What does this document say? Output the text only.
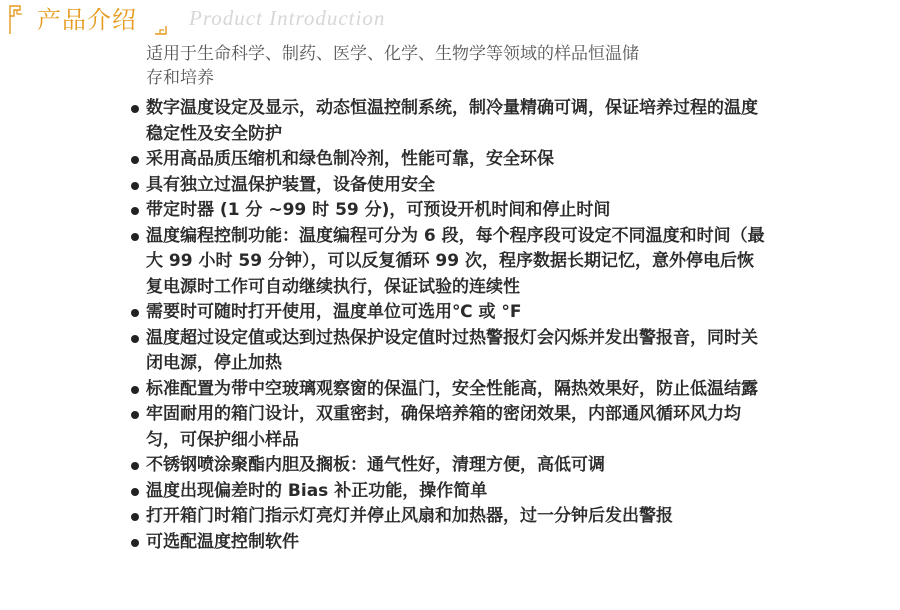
产品介绍 Product Introduction
适用于生命科学、制药、医学、化学、生物学等领域的样品恒温储存和培养
数字温度设定及显示，动态恒温控制系统，制冷量精确可调，保证培养过程的温度稳定性及安全防护
采用高品质压缩机和绿色制冷剂，性能可靠，安全环保
具有独立过温保护装置，设备使用安全
带定时器 (1 分 ~99 时 59 分)，可预设开机时间和停止时间
温度编程控制功能：温度编程可分为 6 段，每个程序段可设定不同温度和时间（最大 99 小时 59 分钟），可以反复循环 99 次，程序数据长期记忆，意外停电后恢复电源时工作可自动继续执行，保证试验的连续性
需要时可随时打开使用，温度单位可选用℃ 或 °F
温度超过设定值或达到过热保护设定值时过热警报灯会闪烁并发出警报音，同时关闭电源，停止加热
标准配置为带中空玻璃观察窗的保温门，安全性能高，隔热效果好，防止低温结露
牢固耐用的箱门设计，双重密封，确保培养箱的密闭效果，内部通风循环风力均匀，可保护细小样品
不锈钢喷涂聚酯内胆及搁板：通气性好，清理方便，高低可调
温度出现偏差时的 Bias 补正功能，操作简单
打开箱门时箱门指示灯亮灯并停止风扇和加热器，过一分钟后发出警报
可选配温度控制软件
